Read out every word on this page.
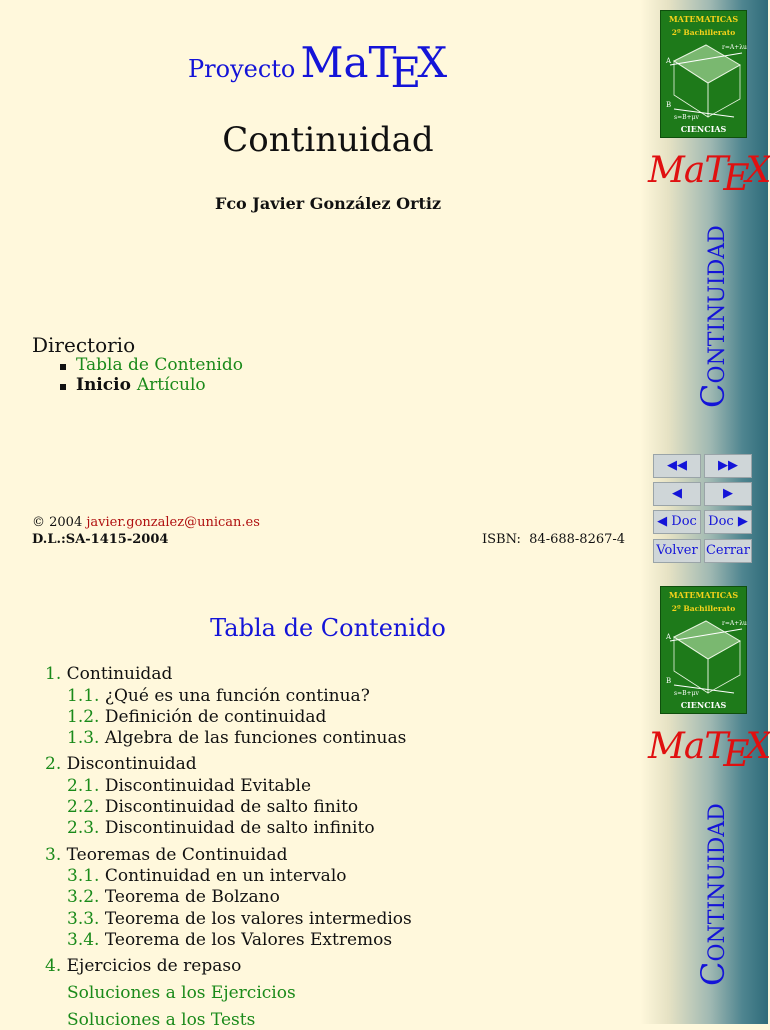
Proyecto MaTEX
Continuidad
Fco Javier González Ortiz
Directorio
Tabla de Contenido
Inicio Artículo
© 2004 javier.gonzalez@unican.es
D.L.:SA-1415-2004	ISBN: 84-688-8267-4
MATEMATICAS
2º Bachillerato
r=A+λu
A
B
s=B+μv
CIENCIAS
MaTEX
Continuidad
◀◀	▶▶
◀	▶
◀ Doc Doc ▶
Volver Cerrar
1. Continuidad
1.1. ¿Qué es una función continua?
1.2. Definición de continuidad
1.3. Algebra de las funciones continuas
2. Discontinuidad
2.1. Discontinuidad Evitable
2.2. Discontinuidad de salto finito
2.3. Discontinuidad de salto infinito
3. Teoremas de Continuidad
3.1. Continuidad en un intervalo
3.2. Teorema de Bolzano
3.3. Teorema de los valores intermedios
3.4. Teorema de los Valores Extremos
4. Ejercicios de repaso
Soluciones a los Ejercicios
Soluciones a los Tests
MATEMATICAS
2º Bachillerato
r=A+λu
A
B
s=B+μv
CIENCIAS
MaTEX
Continuidad
Tabla de Contenido
